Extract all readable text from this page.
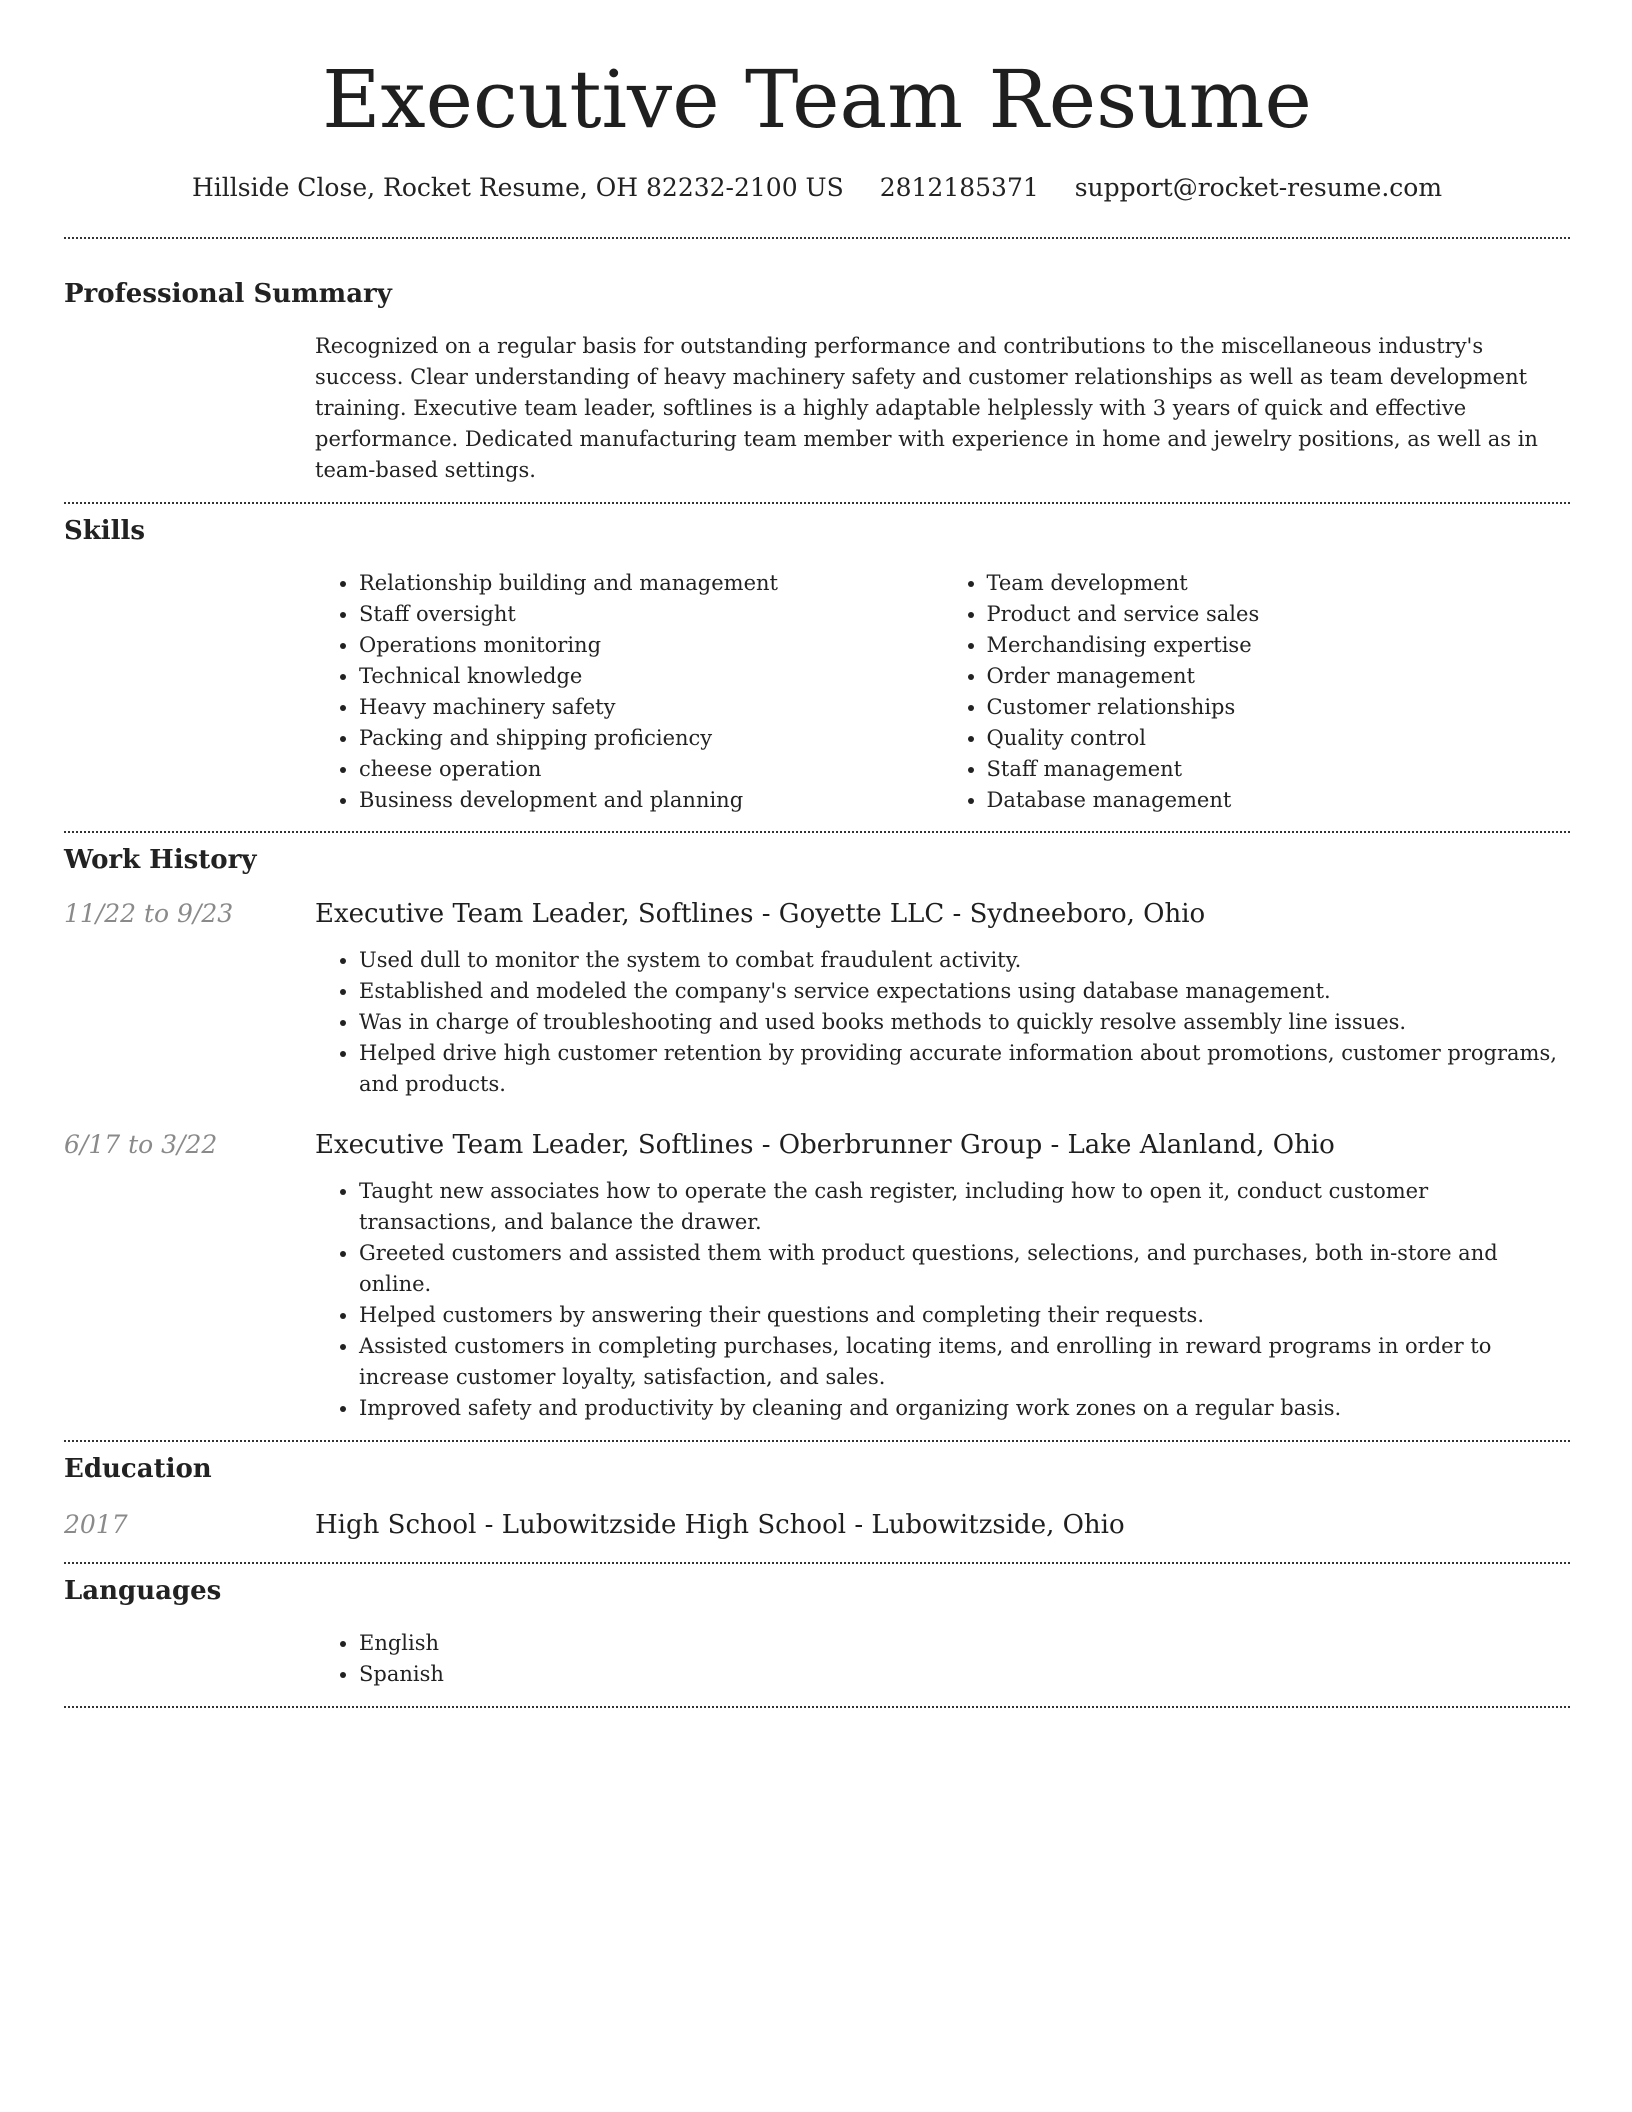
Executive Team Resume
Hillside Close, Rocket Resume, OH 82232-2100 US 2812185371 support@rocket-resume.com
Professional Summary

Recognized on a regular basis for outstanding performance and contributions to the miscellaneous industry's success. Clear understanding of heavy machinery safety and customer relationships as well as team development training. Executive team leader, softlines is a highly adaptable helplessly with 3 years of quick and effective performance. Dedicated manufacturing team member with experience in home and jewelry positions, as well as in team-based settings.

Skills
• Relationship building and management
• Staff oversight
• Operations monitoring
• Technical knowledge
• Heavy machinery safety
• Packing and shipping proficiency
• cheese operation
• Business development and planning
• Team development
• Product and service sales
• Merchandising expertise
• Order management
• Customer relationships
• Quality control
• Staff management
• Database management
Work History
11/22 to 9/23	Executive Team Leader, Softlines - Goyette LLC - Sydneeboro, Ohio
• Used dull to monitor the system to combat fraudulent activity.
• Established and modeled the company's service expectations using database management.
• Was in charge of troubleshooting and used books methods to quickly resolve assembly line issues.
• Helped drive high customer retention by providing accurate information about promotions, customer programs, and products.
6/17 to 3/22	Executive Team Leader, Softlines - Oberbrunner Group - Lake Alanland, Ohio
• Taught new associates how to operate the cash register, including how to open it, conduct customer transactions, and balance the drawer.
• Greeted customers and assisted them with product questions, selections, and purchases, both in-store and online.
• Helped customers by answering their questions and completing their requests.
• Assisted customers in completing purchases, locating items, and enrolling in reward programs in order to increase customer loyalty, satisfaction, and sales.
• Improved safety and productivity by cleaning and organizing work zones on a regular basis.
Education
2017	High School - Lubowitzside High School - Lubowitzside, Ohio
Languages
• English
• Spanish
